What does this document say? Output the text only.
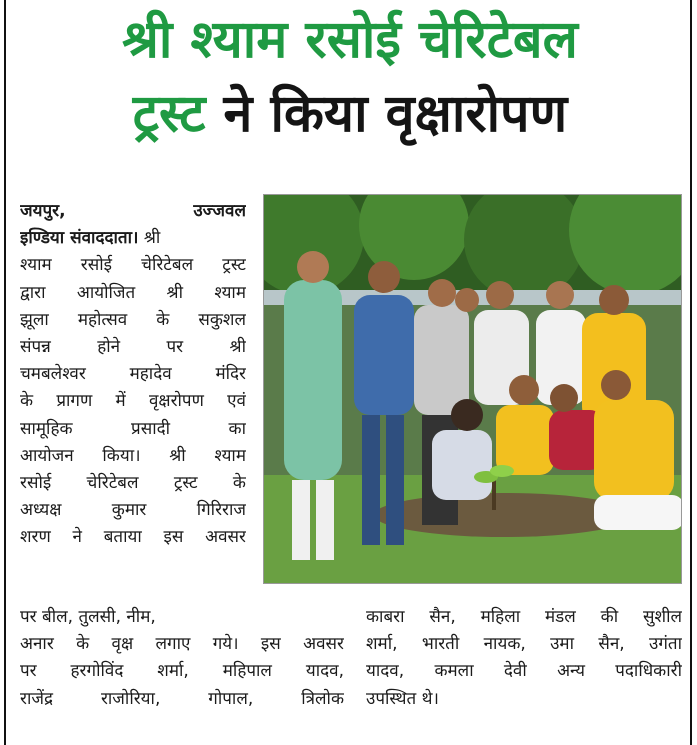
श्री श्याम रसोई चेरिटेबल
ट्रस्ट ने किया वृक्षारोपण
जयपुर,	उज्जवल
इण्डिया संवाददाता। श्री
श्याम रसोई चेरिटेबल ट्रस्ट
द्वारा आयोजित श्री श्याम
झूला महोत्सव के सकुशल
संपन्न होने पर श्री
चमबलेश्वर महादेव मंदिर
के प्रागण में वृक्षरोपण एवं
सामूहिक प्रसादी का
आयोजन किया। श्री श्याम
रसोई चेरिटेबल ट्रस्ट के
अध्यक्ष कुमार गिरिराज
शरण ने बताया इस अवसर
पर बील, तुलसी, नीम,
अनार के वृक्ष लगाए गये। इस अवसर
पर हरगोविंद शर्मा, महिपाल यादव,
राजेंद्र राजोरिया, गोपाल, त्रिलोक
काबरा सैन, महिला मंडल की सुशील
शर्मा, भारती नायक, उमा सैन, उगंता
यादव, कमला देवी अन्य पदाधिकारी
उपस्थित थे।
